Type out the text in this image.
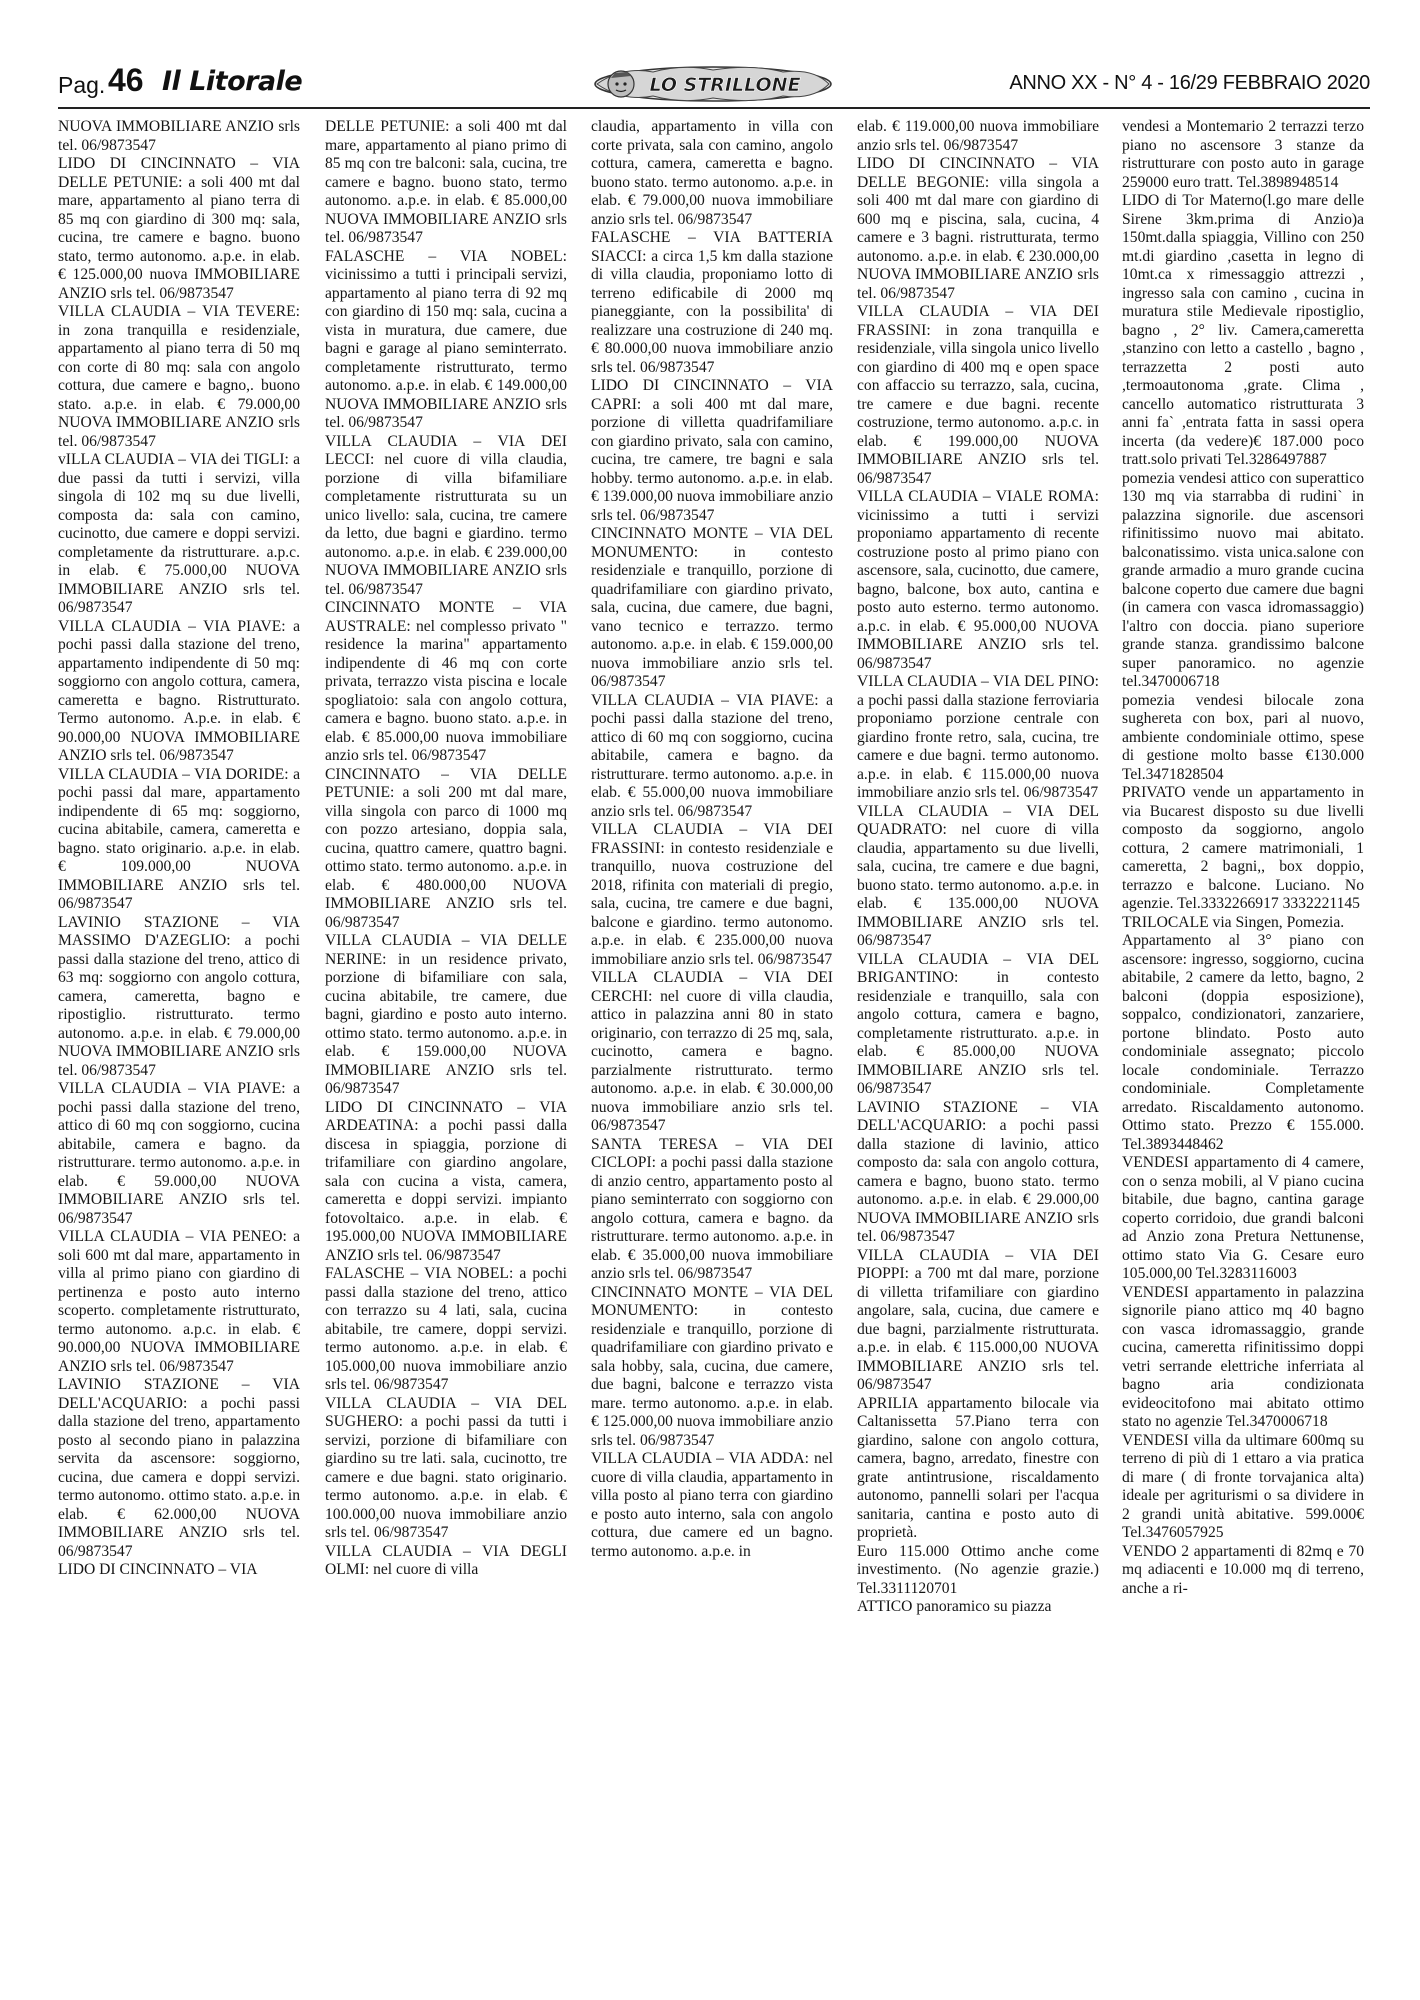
Pag. 46 Il Litorale	LO STRILLONE	ANNO XX - N° 4 - 16/29 FEBBRAIO 2020

NUOVA IMMOBILIARE ANZIO srls tel. 06/9873547

LIDO DI CINCINNATO – VIA DELLE PETUNIE: a soli 400 mt dal mare, appartamento al piano terra di 85 mq con giardino di 300 mq: sala, cucina, tre camere e bagno. buono stato, termo autonomo. a.p.e. in elab. € 125.000,00 nuova IMMOBILIARE ANZIO srls tel. 06/9873547

VILLA CLAUDIA – VIA TEVERE: in zona tranquilla e residenziale, appartamento al piano terra di 50 mq con corte di 80 mq: sala con angolo cottura, due camere e bagno,. buono stato. a.p.e. in elab. € 79.000,00 NUOVA IMMOBILIARE ANZIO srls tel. 06/9873547

vILLA CLAUDIA – VIA dei TIGLI: a due passi da tutti i servizi, villa singola di 102 mq su due livelli, composta da: sala con camino, cucinotto, due camere e doppi servizi. completamente da ristrutturare. a.p.c. in elab. € 75.000,00 NUOVA IMMOBILIARE ANZIO srls tel. 06/9873547

VILLA CLAUDIA – VIA PIAVE: a pochi passi dalla stazione del treno, appartamento indipendente di 50 mq: soggiorno con angolo cottura, camera, cameretta e bagno. Ristrutturato. Termo autonomo. A.p.e. in elab. € 90.000,00 NUOVA IMMOBILIARE ANZIO srls tel. 06/9873547

VILLA CLAUDIA – VIA DORIDE: a pochi passi dal mare, appartamento indipendente di 65 mq: soggiorno, cucina abitabile, camera, cameretta e bagno. stato originario. a.p.e. in elab. € 109.000,00 NUOVA IMMOBILIARE ANZIO srls tel. 06/9873547

LAVINIO STAZIONE – VIA MASSIMO D'AZEGLIO: a pochi passi dalla stazione del treno, attico di 63 mq: soggiorno con angolo cottura, camera, cameretta, bagno e ripostiglio. ristrutturato. termo autonomo. a.p.e. in elab. € 79.000,00 NUOVA IMMOBILIARE ANZIO srls tel. 06/9873547

VILLA CLAUDIA – VIA PIAVE: a pochi passi dalla stazione del treno, attico di 60 mq con soggiorno, cucina abitabile, camera e bagno. da ristrutturare. termo autonomo. a.p.e. in elab. € 59.000,00 NUOVA IMMOBILIARE ANZIO srls tel. 06/9873547

VILLA CLAUDIA – VIA PENEO: a soli 600 mt dal mare, appartamento in villa al primo piano con giardino di pertinenza e posto auto interno scoperto. completamente ristrutturato, termo autonomo. a.p.c. in elab. € 90.000,00 NUOVA IMMOBILIARE ANZIO srls tel. 06/9873547

LAVINIO STAZIONE – VIA DELL'ACQUARIO: a pochi passi dalla stazione del treno, appartamento posto al secondo piano in palazzina servita da ascensore: soggiorno, cucina, due camera e doppi servizi. termo autonomo. ottimo stato. a.p.e. in elab. € 62.000,00 NUOVA IMMOBILIARE ANZIO srls tel. 06/9873547

LIDO DI CINCINNATO – VIA

DELLE PETUNIE: a soli 400 mt dal mare, appartamento al piano primo di 85 mq con tre balconi: sala, cucina, tre camere e bagno. buono stato, termo autonomo. a.p.e. in elab. € 85.000,00 NUOVA IMMOBILIARE ANZIO srls tel. 06/9873547

FALASCHE – VIA NOBEL: vicinissimo a tutti i principali servizi, appartamento al piano terra di 92 mq con giardino di 150 mq: sala, cucina a vista in muratura, due camere, due bagni e garage al piano seminterrato. completamente ristrutturato, termo autonomo. a.p.e. in elab. € 149.000,00 NUOVA IMMOBILIARE ANZIO srls tel. 06/9873547

VILLA CLAUDIA – VIA DEI LECCI: nel cuore di villa claudia, porzione di villa bifamiliare completamente ristrutturata su un unico livello: sala, cucina, tre camere da letto, due bagni e giardino. termo autonomo. a.p.e. in elab. € 239.000,00 NUOVA IMMOBILIARE ANZIO srls tel. 06/9873547

CINCINNATO MONTE – VIA AUSTRALE: nel complesso privato " residence la marina" appartamento indipendente di 46 mq con corte privata, terrazzo vista piscina e locale spogliatoio: sala con angolo cottura, camera e bagno. buono stato. a.p.e. in elab. € 85.000,00 nuova immobiliare anzio srls tel. 06/9873547

CINCINNATO – VIA DELLE PETUNIE: a soli 200 mt dal mare, villa singola con parco di 1000 mq con pozzo artesiano, doppia sala, cucina, quattro camere, quattro bagni. ottimo stato. termo autonomo. a.p.e. in elab. € 480.000,00 NUOVA IMMOBILIARE ANZIO srls tel. 06/9873547

VILLA CLAUDIA – VIA DELLE NERINE: in un residence privato, porzione di bifamiliare con sala, cucina abitabile, tre camere, due bagni, giardino e posto auto interno. ottimo stato. termo autonomo. a.p.e. in elab. € 159.000,00 NUOVA IMMOBILIARE ANZIO srls tel. 06/9873547

LIDO DI CINCINNATO – VIA ARDEATINA: a pochi passi dalla discesa in spiaggia, porzione di trifamiliare con giardino angolare, sala con cucina a vista, camera, cameretta e doppi servizi. impianto fotovoltaico. a.p.e. in elab. € 195.000,00 NUOVA IMMOBILIARE ANZIO srls tel. 06/9873547

FALASCHE – VIA NOBEL: a pochi passi dalla stazione del treno, attico con terrazzo su 4 lati, sala, cucina abitabile, tre camere, doppi servizi. termo autonomo. a.p.e. in elab. € 105.000,00 nuova immobiliare anzio srls tel. 06/9873547

VILLA CLAUDIA – VIA DEL SUGHERO: a pochi passi da tutti i servizi, porzione di bifamiliare con giardino su tre lati. sala, cucinotto, tre camere e due bagni. stato originario. termo autonomo. a.p.e. in elab. € 100.000,00 nuova immobiliare anzio srls tel. 06/9873547

VILLA CLAUDIA – VIA DEGLI OLMI: nel cuore di villa

claudia, appartamento in villa con corte privata, sala con camino, angolo cottura, camera, cameretta e bagno. buono stato. termo autonomo. a.p.e. in elab. € 79.000,00 nuova immobiliare anzio srls tel. 06/9873547

FALASCHE – VIA BATTERIA SIACCI: a circa 1,5 km dalla stazione di villa claudia, proponiamo lotto di terreno edificabile di 2000 mq pianeggiante, con la possibilita' di realizzare una costruzione di 240 mq. € 80.000,00 nuova immobiliare anzio srls tel. 06/9873547

LIDO DI CINCINNATO – VIA CAPRI: a soli 400 mt dal mare, porzione di villetta quadrifamiliare con giardino privato, sala con camino, cucina, tre camere, tre bagni e sala hobby. termo autonomo. a.p.e. in elab. € 139.000,00 nuova immobiliare anzio srls tel. 06/9873547

CINCINNATO MONTE – VIA DEL MONUMENTO: in contesto residenziale e tranquillo, porzione di quadrifamiliare con giardino privato, sala, cucina, due camere, due bagni, vano tecnico e terrazzo. termo autonomo. a.p.e. in elab. € 159.000,00 nuova immobiliare anzio srls tel. 06/9873547

VILLA CLAUDIA – VIA PIAVE: a pochi passi dalla stazione del treno, attico di 60 mq con soggiorno, cucina abitabile, camera e bagno. da ristrutturare. termo autonomo. a.p.e. in elab. € 55.000,00 nuova immobiliare anzio srls tel. 06/9873547

VILLA CLAUDIA – VIA DEI FRASSINI: in contesto residenziale e tranquillo, nuova costruzione del 2018, rifinita con materiali di pregio, sala, cucina, tre camere e due bagni, balcone e giardino. termo autonomo. a.p.e. in elab. € 235.000,00 nuova immobiliare anzio srls tel. 06/9873547

VILLA CLAUDIA – VIA DEI CERCHI: nel cuore di villa claudia, attico in palazzina anni 80 in stato originario, con terrazzo di 25 mq, sala, cucinotto, camera e bagno. parzialmente ristrutturato. termo autonomo. a.p.e. in elab. € 30.000,00 nuova immobiliare anzio srls tel. 06/9873547

SANTA TERESA – VIA DEI CICLOPI: a pochi passi dalla stazione di anzio centro, appartamento posto al piano seminterrato con soggiorno con angolo cottura, camera e bagno. da ristrutturare. termo autonomo. a.p.e. in elab. € 35.000,00 nuova immobiliare anzio srls tel. 06/9873547

CINCINNATO MONTE – VIA DEL MONUMENTO: in contesto residenziale e tranquillo, porzione di quadrifamiliare con giardino privato e sala hobby, sala, cucina, due camere, due bagni, balcone e terrazzo vista mare. termo autonomo. a.p.e. in elab. € 125.000,00 nuova immobiliare anzio srls tel. 06/9873547

VILLA CLAUDIA – VIA ADDA: nel cuore di villa claudia, appartamento in villa posto al piano terra con giardino e posto auto interno, sala con angolo cottura, due camere ed un bagno. termo autonomo. a.p.e. in

elab. € 119.000,00 nuova immobiliare anzio srls tel. 06/9873547

LIDO DI CINCINNATO – VIA DELLE BEGONIE: villa singola a soli 400 mt dal mare con giardino di 600 mq e piscina, sala, cucina, 4 camere e 3 bagni. ristrutturata, termo autonomo. a.p.e. in elab. € 230.000,00 NUOVA IMMOBILIARE ANZIO srls tel. 06/9873547

VILLA CLAUDIA – VIA DEI FRASSINI: in zona tranquilla e residenziale, villa singola unico livello con giardino di 400 mq e open space con affaccio su terrazzo, sala, cucina, tre camere e due bagni. recente costruzione, termo autonomo. a.p.c. in elab. € 199.000,00 NUOVA IMMOBILIARE ANZIO srls tel. 06/9873547

VILLA CLAUDIA – VIALE ROMA: vicinissimo a tutti i servizi proponiamo appartamento di recente costruzione posto al primo piano con ascensore, sala, cucinotto, due camere, bagno, balcone, box auto, cantina e posto auto esterno. termo autonomo. a.p.c. in elab. € 95.000,00 NUOVA IMMOBILIARE ANZIO srls tel. 06/9873547

VILLA CLAUDIA – VIA DEL PINO: a pochi passi dalla stazione ferroviaria proponiamo porzione centrale con giardino fronte retro, sala, cucina, tre camere e due bagni. termo autonomo. a.p.e. in elab. € 115.000,00 nuova immobiliare anzio srls tel. 06/9873547

VILLA CLAUDIA – VIA DEL QUADRATO: nel cuore di villa claudia, appartamento su due livelli, sala, cucina, tre camere e due bagni, buono stato. termo autonomo. a.p.e. in elab. € 135.000,00 NUOVA IMMOBILIARE ANZIO srls tel. 06/9873547

VILLA CLAUDIA – VIA DEL BRIGANTINO: in contesto residenziale e tranquillo, sala con angolo cottura, camera e bagno, completamente ristrutturato. a.p.e. in elab. € 85.000,00 NUOVA IMMOBILIARE ANZIO srls tel. 06/9873547

LAVINIO STAZIONE – VIA DELL'ACQUARIO: a pochi passi dalla stazione di lavinio, attico composto da: sala con angolo cottura, camera e bagno, buono stato. termo autonomo. a.p.e. in elab. € 29.000,00 NUOVA IMMOBILIARE ANZIO srls tel. 06/9873547

VILLA CLAUDIA – VIA DEI PIOPPI: a 700 mt dal mare, porzione di villetta trifamiliare con giardino angolare, sala, cucina, due camere e due bagni, parzialmente ristrutturata. a.p.e. in elab. € 115.000,00 NUOVA IMMOBILIARE ANZIO srls tel. 06/9873547

APRILIA appartamento bilocale via Caltanissetta 57.Piano terra con giardino, salone con angolo cottura, camera, bagno, arredato, finestre con grate antintrusione, riscaldamento autonomo, pannelli solari per l'acqua sanitaria, cantina e posto auto di proprietà.

Euro 115.000 Ottimo anche come investimento. (No agenzie grazie.) Tel.3311120701

ATTICO panoramico su piazza

vendesi a Montemario 2 terrazzi terzo piano no ascensore 3 stanze da ristrutturare con posto auto in garage 259000 euro tratt. Tel.3898948514

LIDO di Tor Materno(l.go mare delle Sirene 3km.prima di Anzio)a 150mt.dalla spiaggia, Villino con 250 mt.di giardino ,casetta in legno di 10mt.ca x rimessaggio attrezzi , ingresso sala con camino , cucina in muratura stile Medievale ripostiglio, bagno , 2° liv. Camera,cameretta ,stanzino con letto a castello , bagno , terrazzetta 2 posti auto ,termoautonoma ,grate. Clima , cancello automatico ristrutturata 3 anni fa` ,entrata fatta in sassi opera incerta (da vedere)€ 187.000 poco tratt.solo privati Tel.3286497887

pomezia vendesi attico con superattico 130 mq via starrabba di rudini` in palazzina signorile. due ascensori rifinitissimo nuovo mai abitato. balconatissimo. vista unica.salone con grande armadio a muro grande cucina balcone coperto due camere due bagni (in camera con vasca idromassaggio) l'altro con doccia. piano superiore grande stanza. grandissimo balcone super panoramico. no agenzie tel.3470006718

pomezia vendesi bilocale zona sughereta con box, pari al nuovo, ambiente condominiale ottimo, spese di gestione molto basse €130.000 Tel.3471828504

PRIVATO vende un appartamento in via Bucarest disposto su due livelli composto da soggiorno, angolo cottura, 2 camere matrimoniali, 1 cameretta, 2 bagni,, box doppio, terrazzo e balcone. Luciano. No agenzie. Tel.3332266917 3332221145

TRILOCALE via Singen, Pomezia.

Appartamento al 3° piano con ascensore: ingresso, soggiorno, cucina abitabile, 2 camere da letto, bagno, 2 balconi (doppia esposizione), soppalco, condizionatori, zanzariere, portone blindato. Posto auto condominiale assegnato; piccolo locale condominiale. Terrazzo condominiale. Completamente arredato. Riscaldamento autonomo. Ottimo stato. Prezzo € 155.000. Tel.3893448462

VENDESI appartamento di 4 camere, con o senza mobili, al V piano cucina bitabile, due bagno, cantina garage coperto corridoio, due grandi balconi ad Anzio zona Pretura Nettunense, ottimo stato Via G. Cesare euro 105.000,00 Tel.3283116003

VENDESI appartamento in palazzina signorile piano attico mq 40 bagno con vasca idromassaggio, grande cucina, cameretta rifinitissimo doppi vetri serrande elettriche inferriata al bagno aria condizionata evideocitofono mai abitato ottimo stato no agenzie Tel.3470006718

VENDESI villa da ultimare 600mq su terreno di più di 1 ettaro a via pratica di mare ( di fronte torvajanica alta) ideale per agriturismi o sa dividere in 2 grandi unità abitative. 599.000€ Tel.3476057925

VENDO 2 appartamenti di 82mq e 70 mq adiacenti e 10.000 mq di terreno, anche a ri-
